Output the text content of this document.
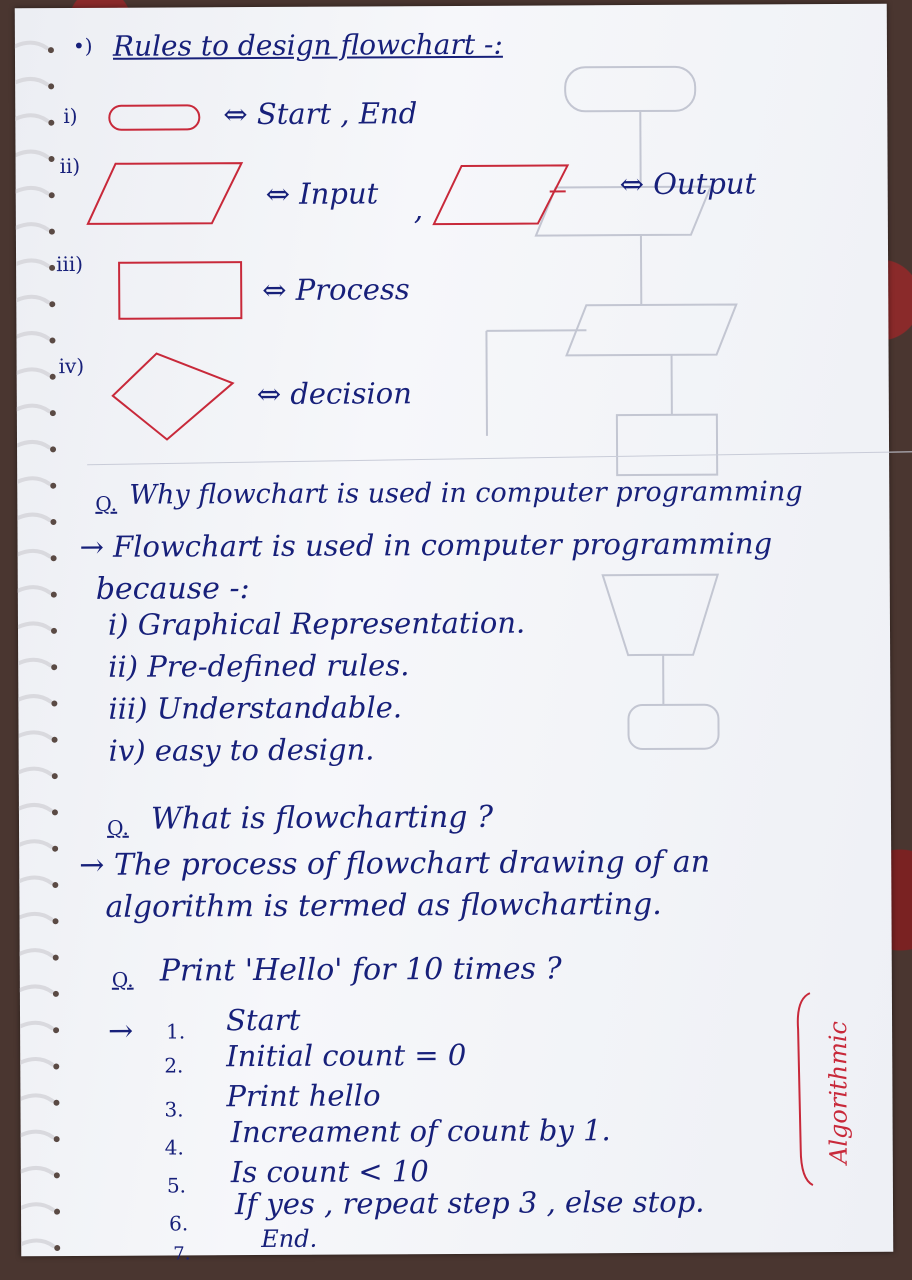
•) Rules to design flowchart -:
i)	⇔ Start , End
ii)
⇔ Input ,
⇔ Output
iii)
⇔ Process
iv)
⇔ decision
Q. Why flowchart is used in computer programming
→ Flowchart is used in computer programming
because -:
i) Graphical Representation.
ii) Pre-defined rules.
iii) Understandable.
iv) easy to design.
Q. What is flowcharting ?
→ The process of flowchart drawing of an
algorithm is termed as flowcharting.
Q. Print 'Hello' for 10 times ?
→ 1. Start
2. Initial count = 0
3. Print hello
4. Increament of count by 1.
5. Is count < 10
6.
If yes , repeat step 3 , else stop.
7.
End.
Algorithmic
